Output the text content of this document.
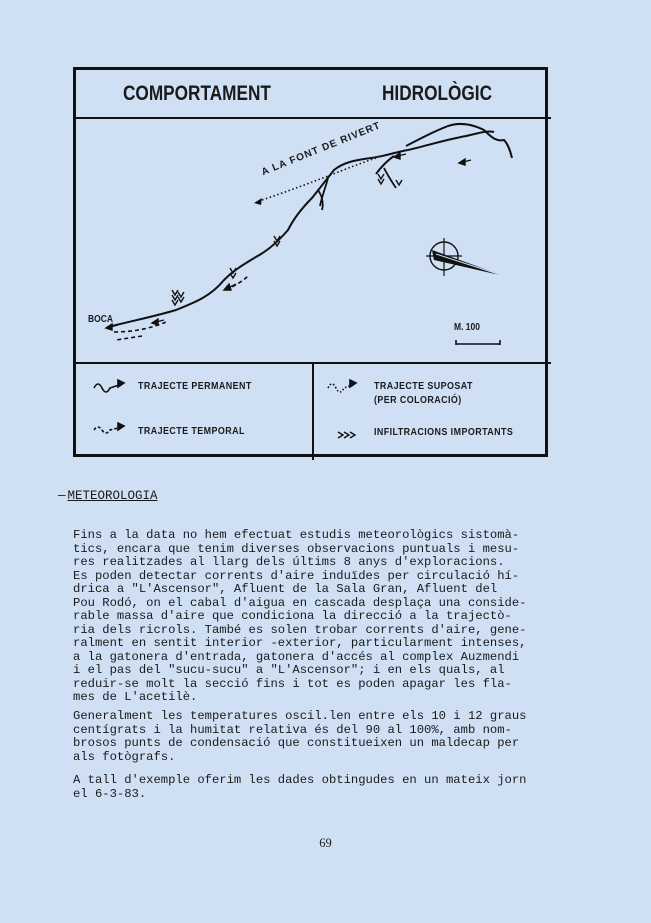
COMPORTAMENT	HIDROLÒGIC
BOCA
A LA FONT DE RIVERT
M. 100
TRAJECTE PERMANENT
TRAJECTE TEMPORAL
TRAJECTE SUPOSAT
(PER COLORACIÓ)
INFILTRACIONS IMPORTANTS
— METEOROLOGIA

Fins a la data no hem efectuat estudis meteorològics sistomà-
tics, encara que tenim diverses observacions puntuals i mesu-
res realitzades al llarg dels últims 8 anys d'exploracions.
Es poden detectar corrents d'aire induïdes per circulació hí-
drica a "L'Ascensor", Afluent de la Sala Gran, Afluent del
Pou Rodó, on el cabal d'aigua en cascada desplaça una conside-
rable massa d'aire que condiciona la direcció a la trajectò-
ria dels ricrols. També es solen trobar corrents d'aire, gene-
ralment en sentit interior -exterior, particularment intenses,
a la gatonera d'entrada, gatonera d'accés al complex Auzmendi
i el pas del "sucu-sucu" a "L'Ascensor"; i en els quals, al
reduir-se molt la secció fins i tot es poden apagar les fla-
mes de L'acetilè.

Generalment les temperatures oscil.len entre els 10 i 12 graus
centígrats i la humitat relativa és del 90 al 100%, amb nom-
brosos punts de condensació que constitueixen un maldecap per
als fotògrafs.

A tall d'exemple oferim les dades obtingudes en un mateix jorn
el 6-3-83.

69
